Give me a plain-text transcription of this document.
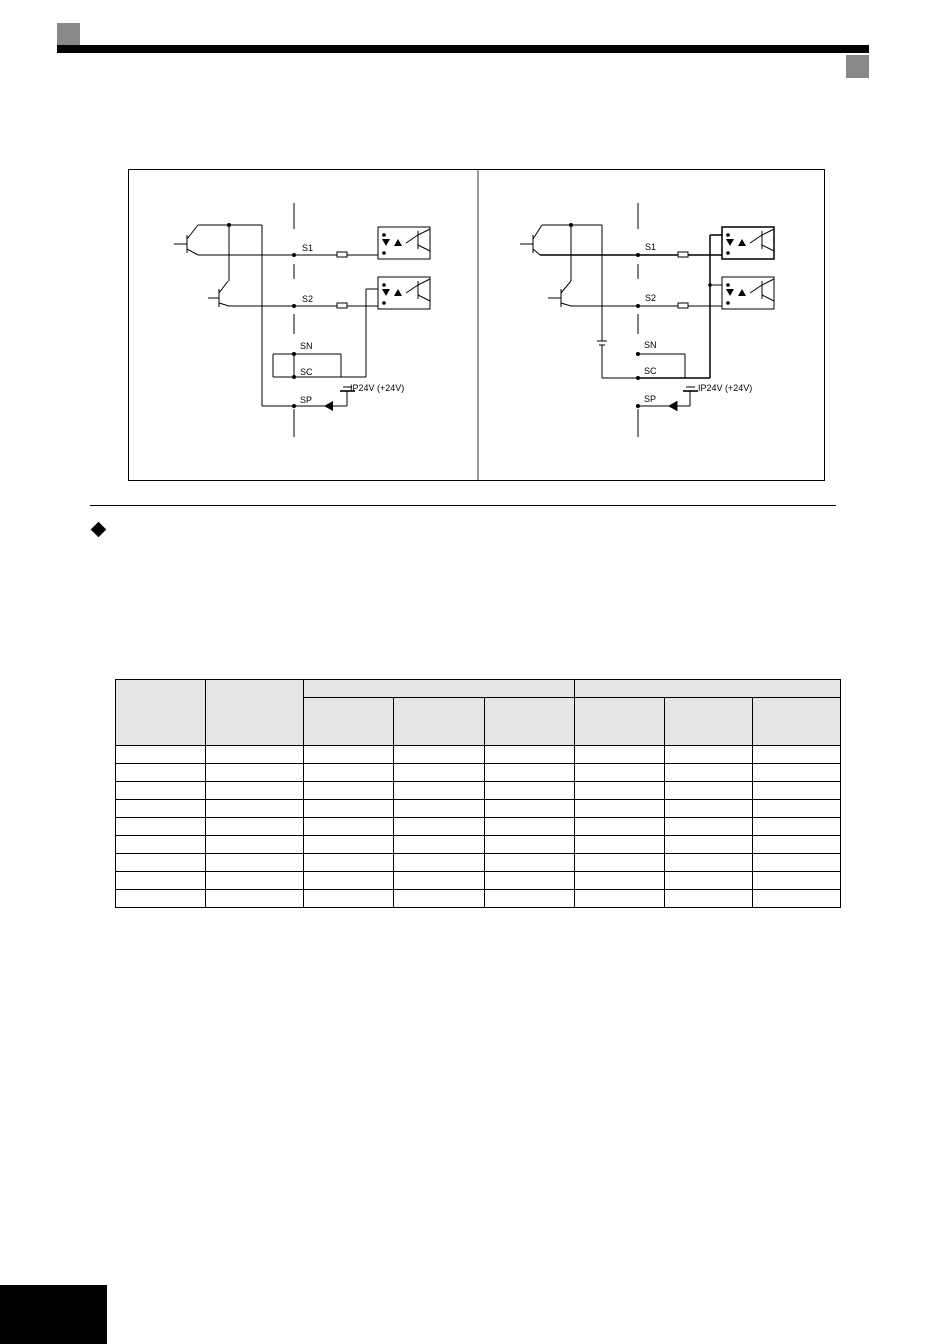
S1
S2
SN
SC
SP
IP24V (+24V)
S1
S2
SN
SC
SP
IP24V (+24V)
